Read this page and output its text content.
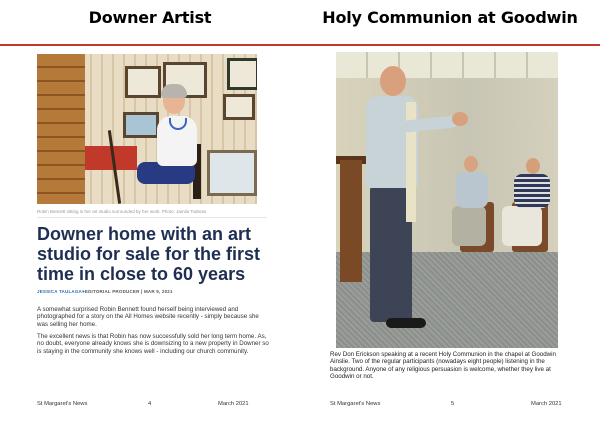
Downer Artist
Robin Bennett sitting in her art studio surrounded by her work. Photo: Jamila Toderas
Downer home with an art studio for sale for the first time in close to 60 years
JESSICA TAULAGA♥EDITORIAL PRODUCER | MAR 9, 2021
A somewhat surprised Robin Bennett found herself being interviewed and photographed for a story on the All Homes website recently - simply because she was selling her home.
The excellent news is that Robin has now successfully sold her long term home. As, no doubt, everyone already knows she is downsizing to a new property in Downer so is staying in the community she knows well - including our church community.
St Margaret's News	4	March 2021
Holy Communion at Goodwin
Rev Don Erickson speaking at a recent Holy Communion in the chapel at Goodwin Ainslie. Two of the regular participants (nowadays eight people) listening in the background. Anyone of any religious persuasion is welcome, whether they live at Goodwin or not.
St Margaret's News	5	March 2021
